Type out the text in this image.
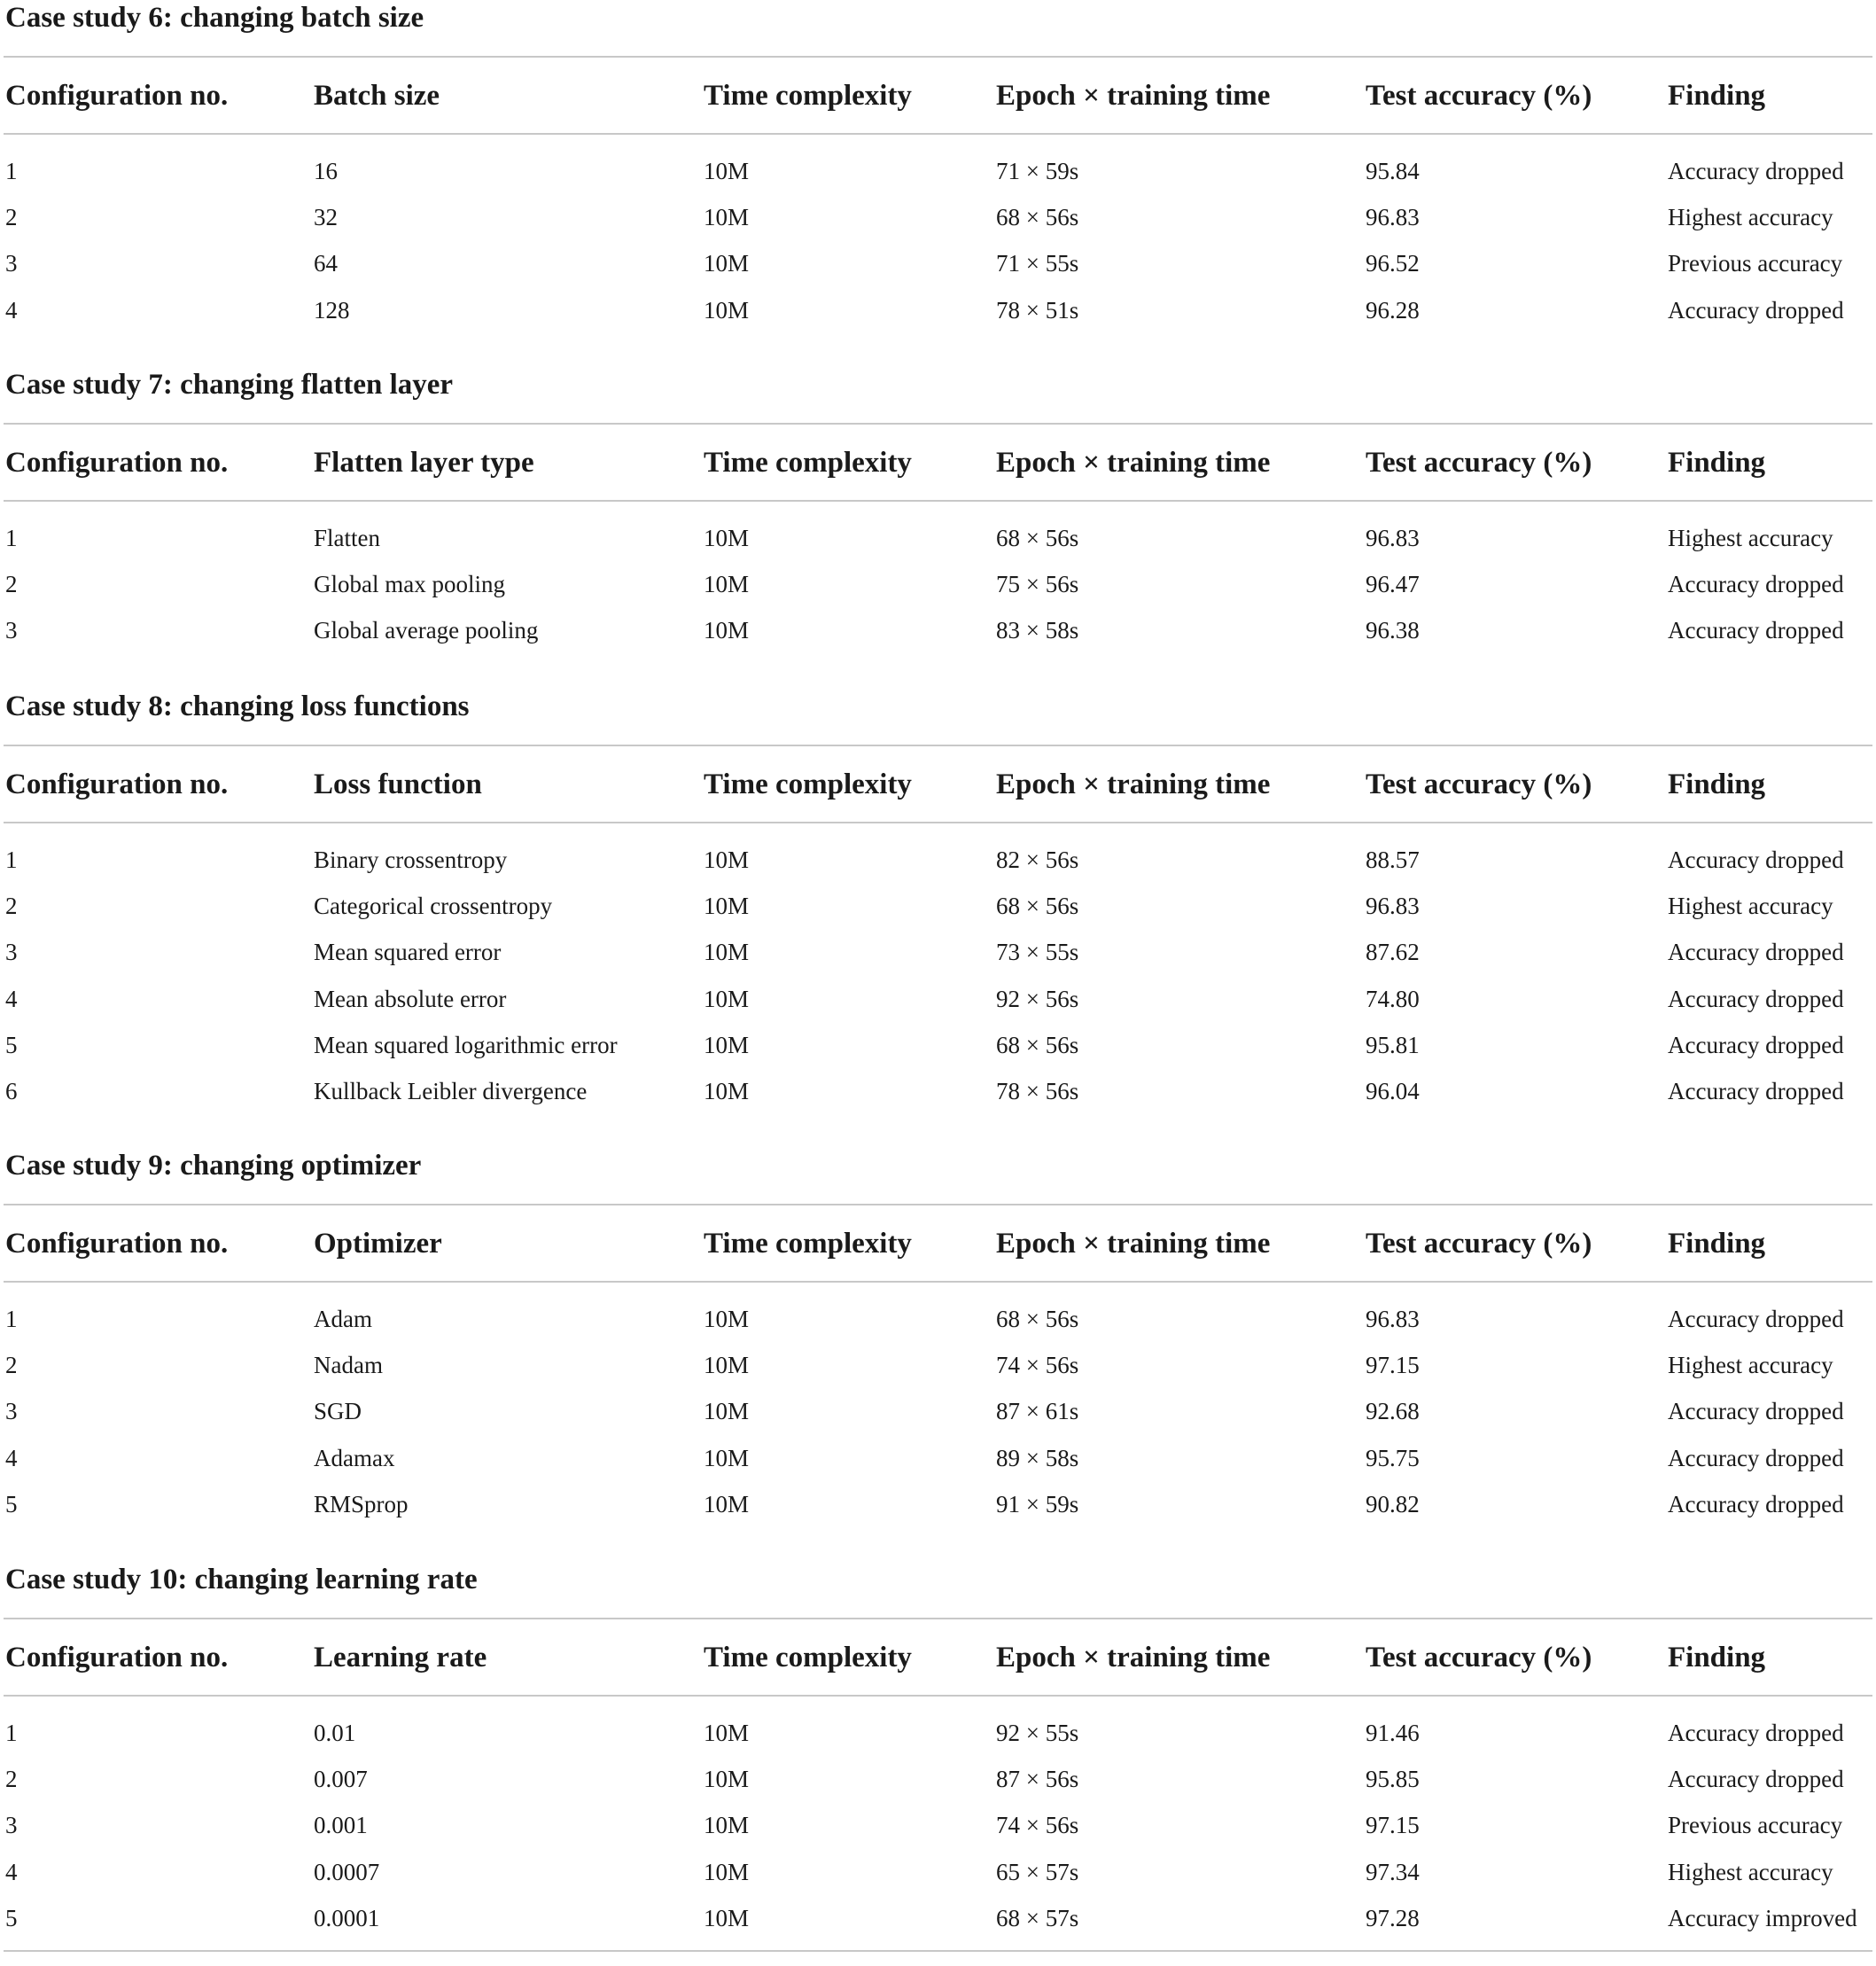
Case study 6: changing batch size
Configuration no.	Batch size	Time complexity	Epoch × training time	Test accuracy (%)	Finding
1	16	10M	71 × 59s	95.84	Accuracy dropped
2	32	10M	68 × 56s	96.83	Highest accuracy
3	64	10M	71 × 55s	96.52	Previous accuracy
4	128	10M	78 × 51s	96.28	Accuracy dropped
Case study 7: changing flatten layer
Configuration no.	Flatten layer type	Time complexity	Epoch × training time	Test accuracy (%)	Finding
1	Flatten	10M	68 × 56s	96.83	Highest accuracy
2	Global max pooling	10M	75 × 56s	96.47	Accuracy dropped
3	Global average pooling	10M	83 × 58s	96.38	Accuracy dropped
Case study 8: changing loss functions
Configuration no.	Loss function	Time complexity	Epoch × training time	Test accuracy (%)	Finding
1	Binary crossentropy	10M	82 × 56s	88.57	Accuracy dropped
2	Categorical crossentropy	10M	68 × 56s	96.83	Highest accuracy
3	Mean squared error	10M	73 × 55s	87.62	Accuracy dropped
4	Mean absolute error	10M	92 × 56s	74.80	Accuracy dropped
5	Mean squared logarithmic error	10M	68 × 56s	95.81	Accuracy dropped
6	Kullback Leibler divergence	10M	78 × 56s	96.04	Accuracy dropped
Case study 9: changing optimizer
Configuration no.	Optimizer	Time complexity	Epoch × training time	Test accuracy (%)	Finding
1	Adam	10M	68 × 56s	96.83	Accuracy dropped
2	Nadam	10M	74 × 56s	97.15	Highest accuracy
3	SGD	10M	87 × 61s	92.68	Accuracy dropped
4	Adamax	10M	89 × 58s	95.75	Accuracy dropped
5	RMSprop	10M	91 × 59s	90.82	Accuracy dropped
Case study 10: changing learning rate
Configuration no.	Learning rate	Time complexity	Epoch × training time	Test accuracy (%)	Finding
1	0.01	10M	92 × 55s	91.46	Accuracy dropped
2	0.007	10M	87 × 56s	95.85	Accuracy dropped
3	0.001	10M	74 × 56s	97.15	Previous accuracy
4	0.0007	10M	65 × 57s	97.34	Highest accuracy
5	0.0001	10M	68 × 57s	97.28	Accuracy improved
